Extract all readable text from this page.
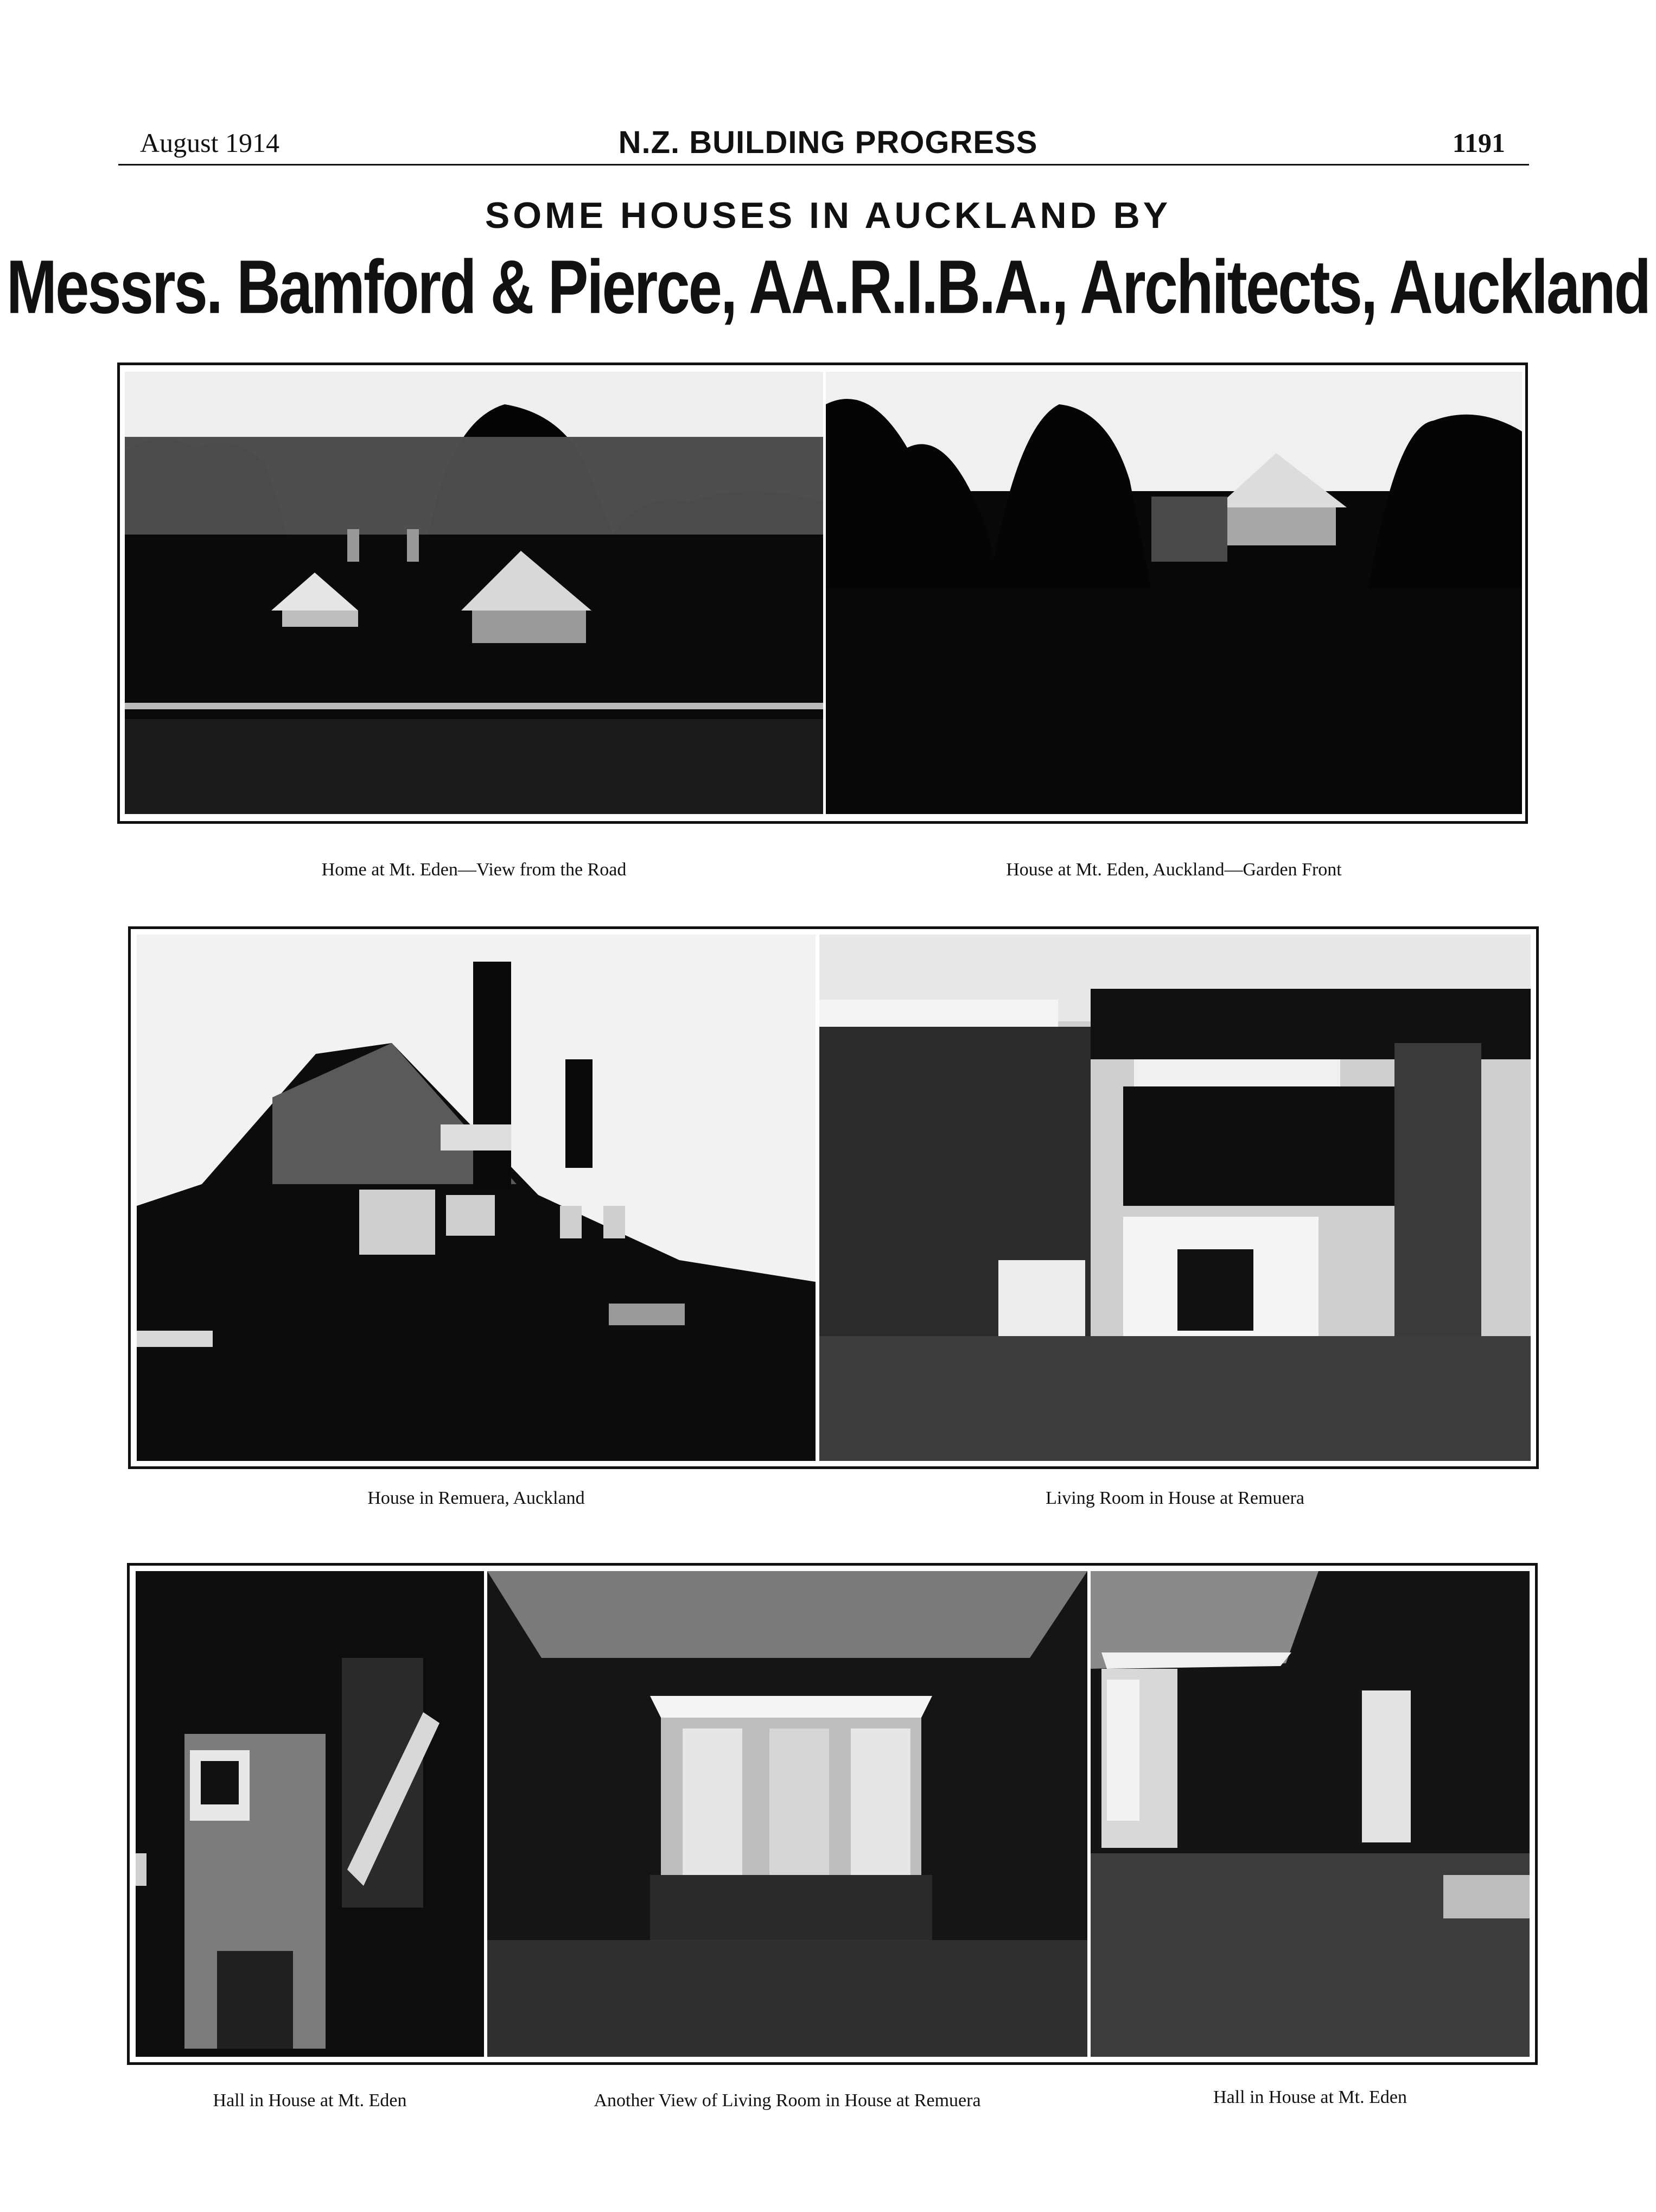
August 1914	N.Z. BUILDING PROGRESS	1191
SOME HOUSES IN AUCKLAND BY
Messrs. Bamford & Pierce, AA.R.I.B.A., Architects, Auckland
Home at Mt. Eden—View from the Road	House at Mt. Eden, Auckland—Garden Front
House in Remuera, Auckland	Living Room in House at Remuera
Hall in House at Mt. Eden	Another View of Living Room in House at Remuera	Hall in House at Mt. Eden
